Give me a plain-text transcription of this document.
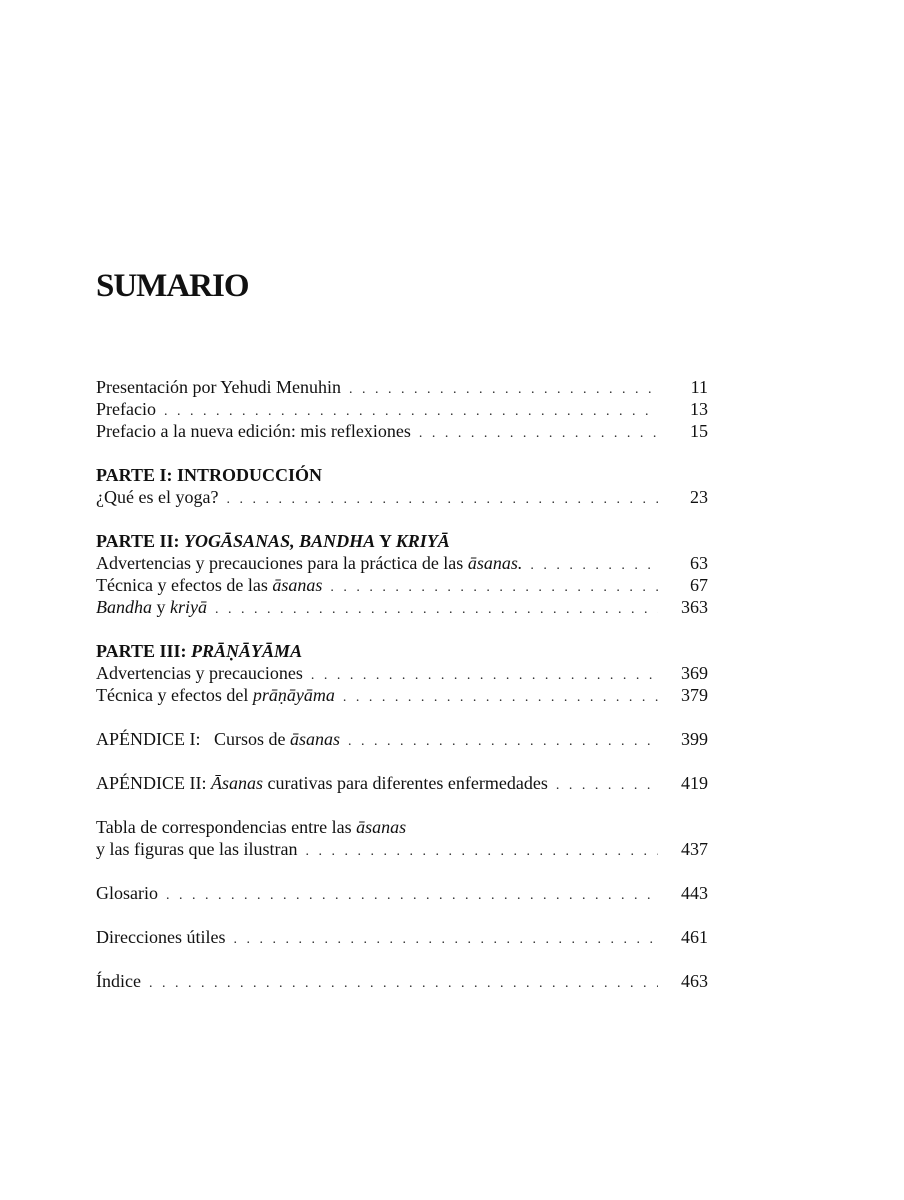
SUMARIO
Presentación por Yehudi Menuhin . . .	11
Prefacio . . .	13
Prefacio a la nueva edición: mis reflexiones . . .	15
PARTE I: INTRODUCCIÓN
¿Qué es el yoga? . . .	23
PARTE II: YOGĀSANAS, BANDHA Y KRIYĀ
Advertencias y precauciones para la práctica de las āsanas. . . .	63
Técnica y efectos de las āsanas . . .	67
Bandha y kriyā . . .	363
PARTE III: PRĀṆĀYĀMA
Advertencias y precauciones . . .	369
Técnica y efectos del prāṇāyāma . . .	379
APÉNDICE I: Cursos de āsanas . . .	399
APÉNDICE II: Āsanas curativas para diferentes enfermedades . . .	419
Tabla de correspondencias entre las āsanas
y las figuras que las ilustran . . .	437
Glosario . . .	443
Direcciones útiles . . .	461
Índice . . .	463
